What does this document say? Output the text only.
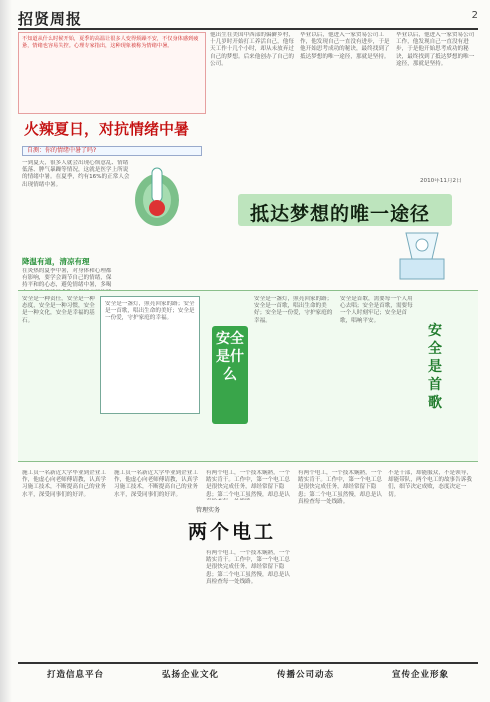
招贤周报	2
不知道从什么时候开始，夏季的高温让很多人变得烦躁不安，不仅身体感到疲惫，情绪也容易失控。心理专家指出，这种现象被称为情绪中暑。
火辣夏日，对抗情绪中暑
自测：你的情绪中暑了吗?
一到夏天，很多人就会出现心烦意乱、情绪低落、脾气暴躁等情况，这就是医学上所说的情绪中暑。在夏季，约有16%的正常人会出现情绪中暑。
降温有道，清凉有理
在炎热的夏季中暑，对身体和心理都有影响，要学会调节自己的情绪，保持平和的心态，避免情绪中暑，多喝
他出生在美国中西部的偏僻乡村，十几岁时开始打工养活自己，他每天工作十几个小时，却从未放弃过自己的梦想。后来他创办了自己的公司。
毕业以后，他进入一家贸易公司工作，他发现自己一直没有进步，于是他开始思考成功的秘诀，最终找到了抵达梦想的唯一途径，那就是坚持。
毕业以后，他进入一家贸易公司工作，他发现自己一直没有进步，于是他开始思考成功的秘诀，最终找到了抵达梦想的唯一途径，那就是坚持。
2010年11月2日
抵达梦想的唯一途径
安全是一种责任，安全是一种态度，安全是一种习惯，安全是一种文化，安全是幸福的基石。
安全是一盏灯，照亮回家的路；安全是一首歌，唱出生命的美好；安全是一份爱，守护家庭的幸福。
安全是什么
安全是一盏灯，照亮回家的路；安全是一首歌，唱出生命的美好；安全是一份爱，守护家庭的幸福。
安全是首歌，需要每一个人用心去唱；安全是首歌，需要每一个人时刻牢记；安全是首歌，唱响平安。
安全是首歌
施工员一名新近大学毕业到企业工作，他虚心向老师傅请教，认真学习施工技术，不断提高自己的业务水平，深受同事们的好评。
施工员一名新近大学毕业到企业工作，他虚心向老师傅请教，认真学习施工技术，不断提高自己的业务水平，深受同事们的好评。
有两个电工，一个技术娴熟，一个踏实肯干。工作中，第一个电工总是很快完成任务，却经常留下隐患；第二个电工虽然慢，却总是认
管理实务
两个电工
有两个电工，一个技术娴熟，一个踏实肯干。工作中，第一个电工总是很快完成任务，却经常留下隐患；第二个电工虽然慢，却总是认真检查每一处线路。
有两个电工，一个技术娴熟，一个踏实肯干。工作中，第一个电工总是很快完成任务，却经常留下隐患；第二个电工虽然慢，却总是认真检查每一处线路。
不是干部，却能服众，不是领导，却能带队，两个电工的故事告诉我们，细节决定成败，态度决定一切。
打造信息平台	弘扬企业文化	传播公司动态	宣传企业形象
